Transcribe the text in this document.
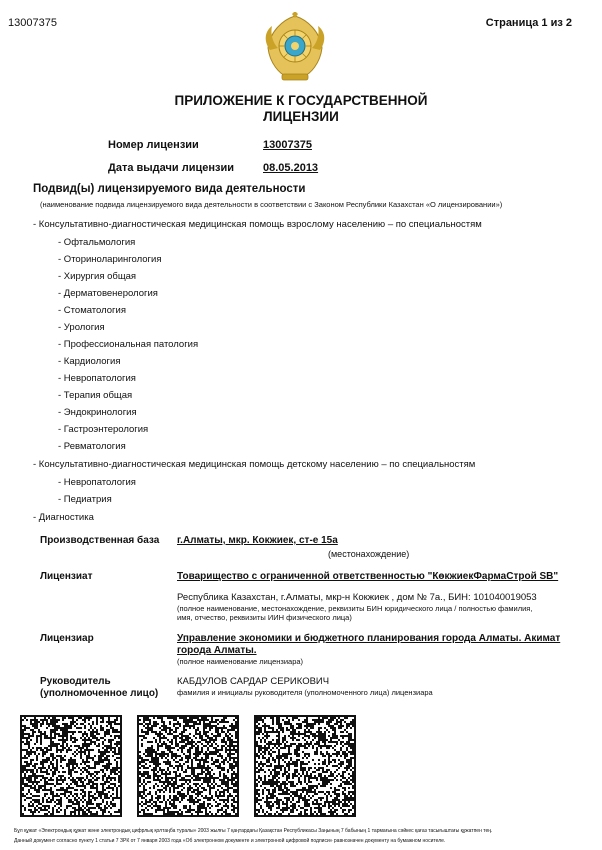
13007375	Страница 1 из 2
ПРИЛОЖЕНИЕ К ГОСУДАРСТВЕННОЙ
ЛИЦЕНЗИИ
Номер лицензии	13007375
Дата выдачи лицензии	08.05.2013
Подвид(ы) лицензируемого вида деятельности
(наименование подвида лицензируемого вида деятельности в соответствии с Законом Республики Казахстан «О лицензировании»)
- Консультативно-диагностическая медицинская помощь взрослому населению – по специальностям
- Офтальмология
- Оториноларингология
- Хирургия общая
- Дерматовенерология
- Стоматология
- Урология
- Профессиональная патология
- Кардиология
- Невропатология
- Терапия общая
- Эндокринология
- Гастроэнтерология
- Ревматология
- Консультативно-диагностическая медицинская помощь детскому населению – по специальностям
- Невропатология
- Педиатрия
- Диагностика
Производственная база г.Алматы, мкр. Кокжиек, ст-е 15а
(местонахождение)
Лицензиат	Товарищество с ограниченной ответственностью "КөкжиекФармаСтрой SB"
Республика Казахстан, г.Алматы, мкр-н Кокжиек , дом № 7а., БИН: 101040019053
(полное наименование, местонахождение, реквизиты БИН юридического лица / полностью фамилия,
имя, отчество, реквизиты ИИН физического лица)
Лицензиар	Управление экономики и бюджетного планирования города Алматы. Акимат
города Алматы.
(полное наименование лицензиара)
Руководитель
(уполномоченное лицо)
КАБДУЛОВ САРДАР СЕРИКОВИЧ
фамилия и инициалы руководителя (уполномоченного лица) лицензиара
Бұл құжат «Электрондық құжат және электрондық цифрлық қолтаңба туралы» 2003 жылғы 7 қаңтардағы Қазақстан Республикасы Заңының 7 бабының 1 тармағына сәйкес қағаз тасығыштағы құжатпен тең.
Данный документ согласно пункту 1 статьи 7 ЗРК от 7 января 2003 года «Об электронном документе и электронной цифровой подписи» равнозначен документу на бумажном носителе.
